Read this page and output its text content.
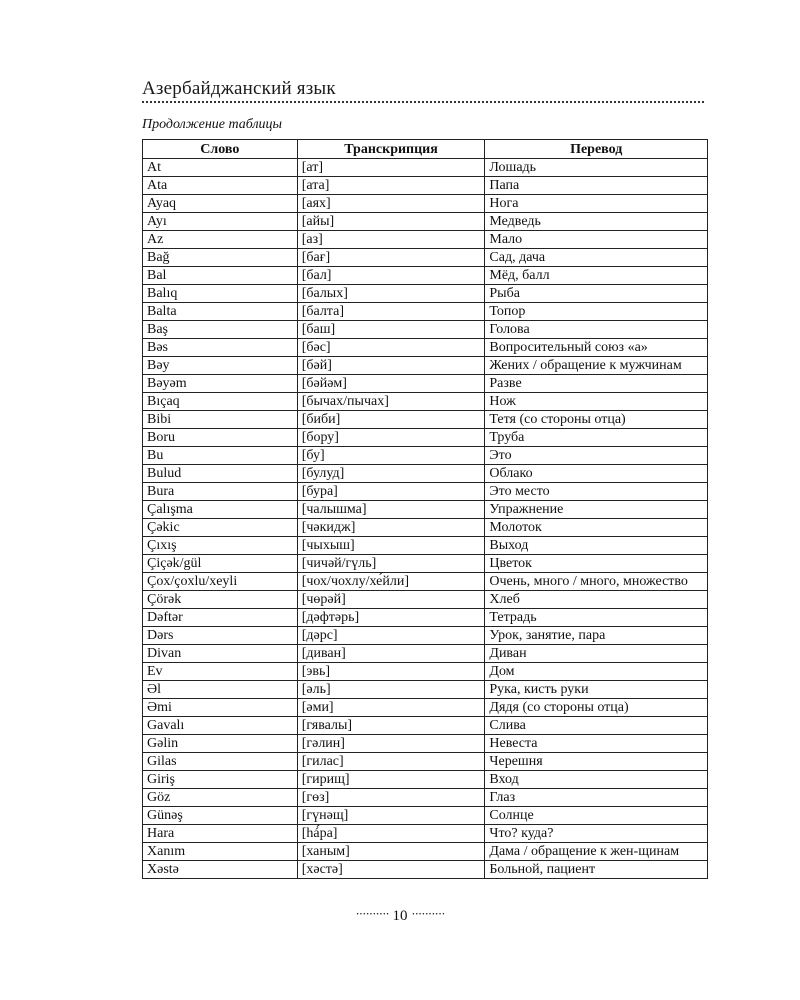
Азербайджанский язык
Продолжение таблицы
Слово	Транскрипция	Перевод
At	[ат]	Лошадь
Ata	[ата]	Папа
Ayaq	[аях]	Нога
Ayı	[айы]	Медведь
Az	[аз]	Мало
Bağ	[бағ]	Сад, дача
Bal	[бал]	Мёд, балл
Balıq	[балых]	Рыба
Balta	[балта]	Топор
Baş	[баш]	Голова
Bəs	[бәс]	Вопросительный союз «а»
Bəy	[бәй]	Жених / обращение к мужчинам
Bəyəm	[бәйәм]	Разве
Bıçaq	[бычах/пычах]	Нож
Bibi	[биби]	Тетя (со стороны отца)
Boru	[бору]	Труба
Bu	[бу]	Это
Bulud	[булуд]	Облако
Bura	[бура]	Это место
Çalışma	[чалышма]	Упражнение
Çəkic	[чәкидж]	Молоток
Çıxış	[чыхыш]	Выход
Çiçək/gül	[чичәй/гүль]	Цветок
Çox/çoxlu/xeyli	[чох/чохлу/хе́йли]	Очень, много / много, множество
Çörək	[чөрәй]	Хлеб
Dəftər	[дәфтәрь]	Тетрадь
Dərs	[дәрс]	Урок, занятие, пара
Divan	[диван]	Диван
Ev	[эвь]	Дом
Əl	[әль]	Рука, кисть руки
Əmi	[әми]	Дядя (со стороны отца)
Gavalı	[гявалы]	Слива
Gəlin	[гәлин]	Невеста
Gilas	[гилас]	Черешня
Giriş	[гирищ]	Вход
Göz	[гөз]	Глаз
Günəş	[гүнәщ]	Солнце
Hara	[há́ра]	Что? куда?
Xanım	[ханым]	Дама / обращение к жен-щинам
Xəstə	[хәстә]	Больной, пациент
·········· 10 ··········
